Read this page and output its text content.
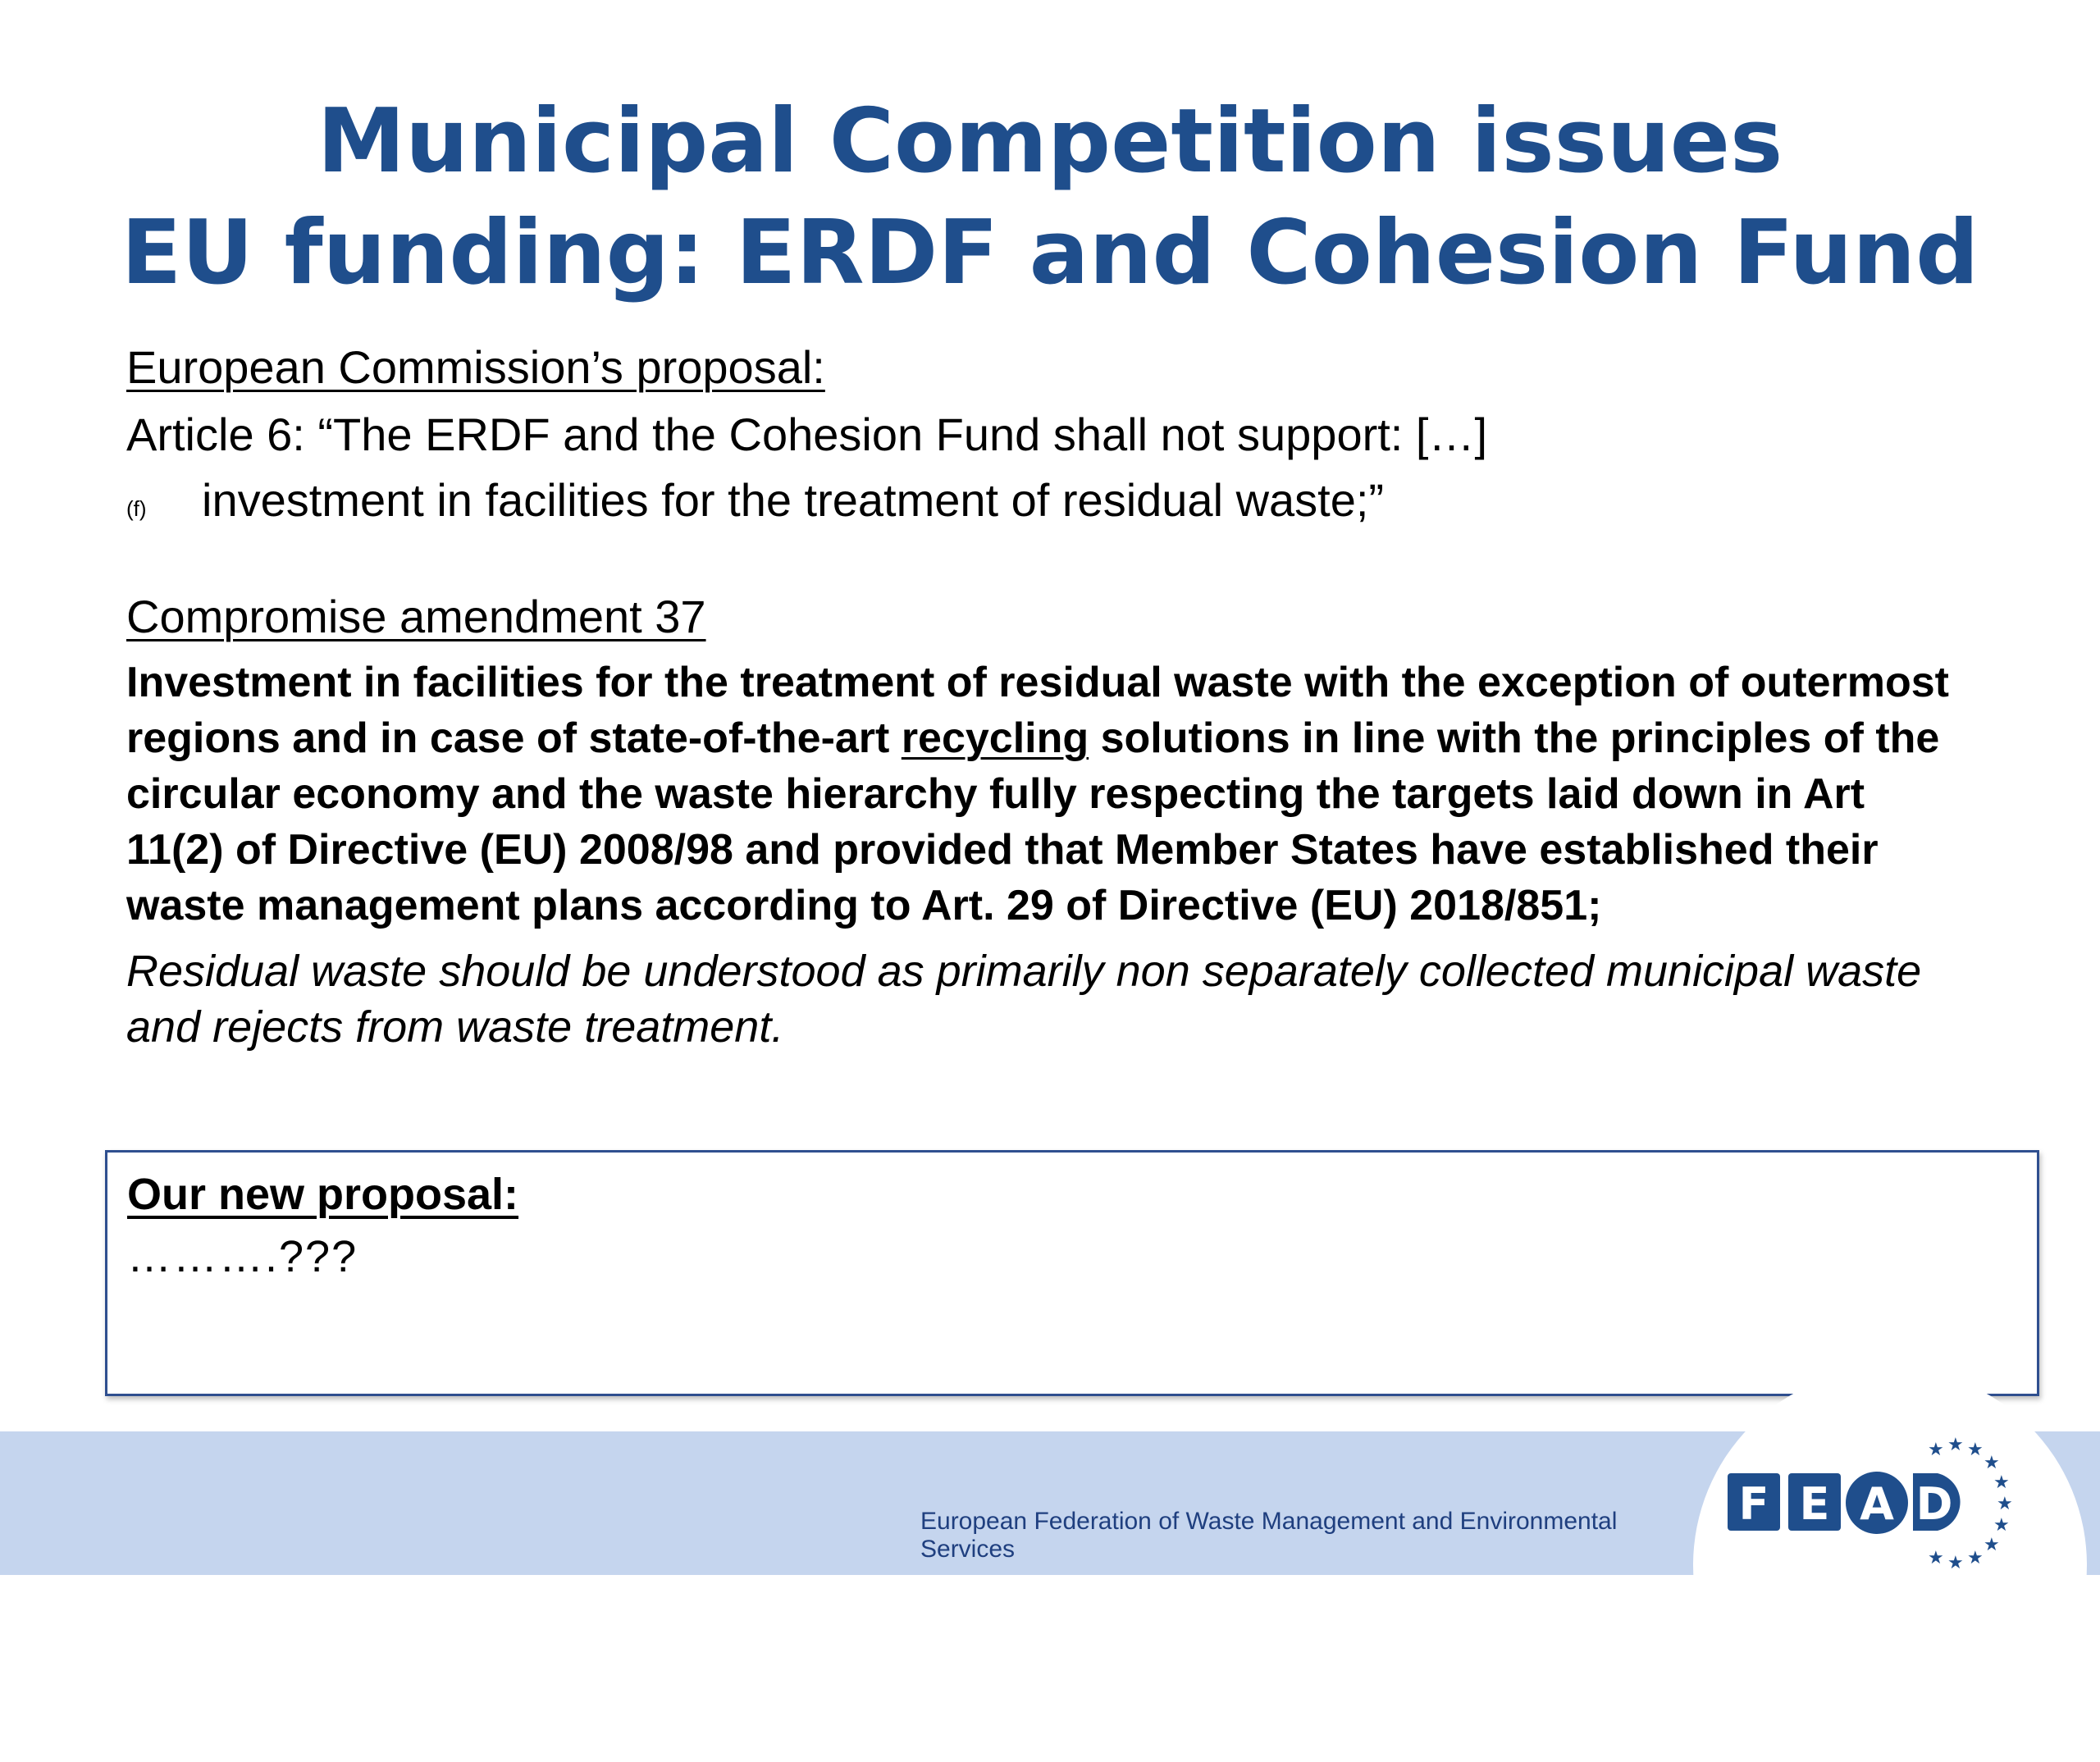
Municipal Competition issues
EU funding: ERDF and Cohesion Fund
European Commission’s proposal:
Article 6: “The ERDF and the Cohesion Fund shall not support: […]
(f)	investment in facilities for the treatment of residual waste;”
Compromise amendment 37
Investment in facilities for the treatment of residual waste with the exception of outermost regions and in case of state-of-the-art recycling solutions in line with the principles of the circular economy and the waste hierarchy fully respecting the targets laid down in Art 11(2) of Directive (EU) 2008/98 and provided that Member States have established their waste management plans according to Art. 29 of Directive (EU) 2018/851;
Residual waste should be understood as primarily non separately collected municipal waste and rejects from waste treatment.
Our new proposal:
……….???
European Federation of Waste Management and Environmental Services
★ ★ ★
★
★
★
★
★
★
★
★
F E A D
